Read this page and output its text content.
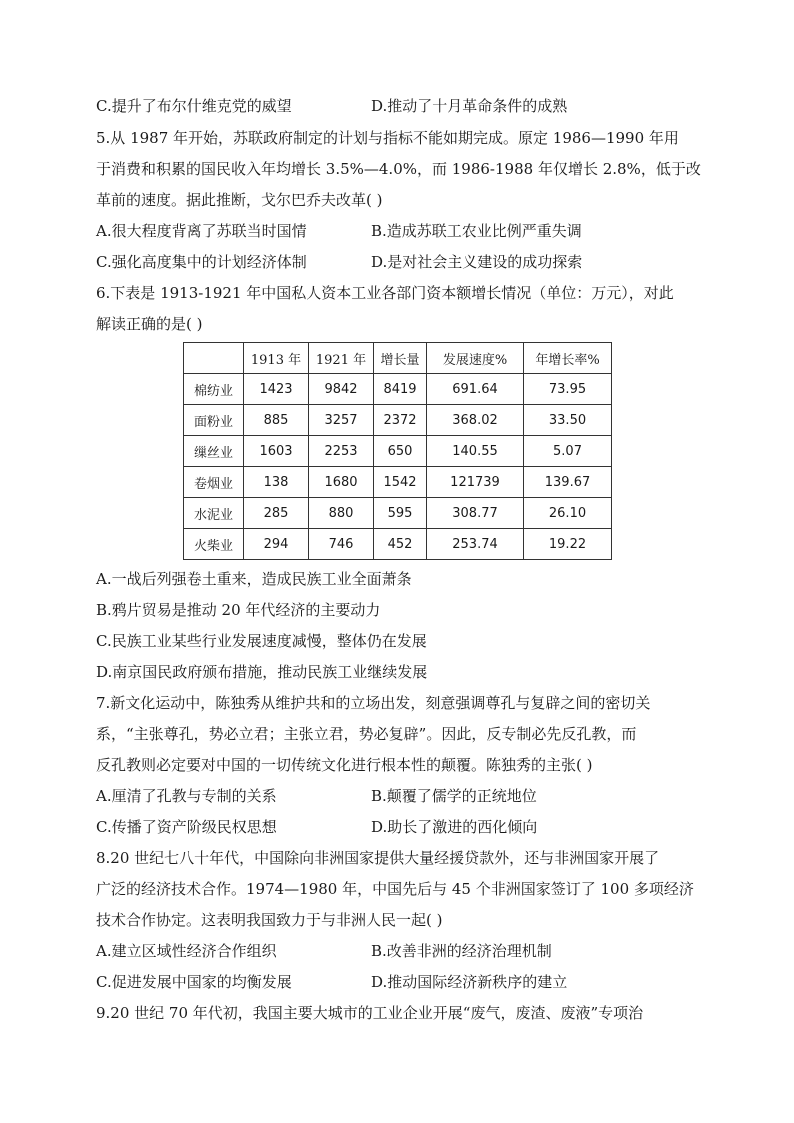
C.提升了布尔什维克党的威望	D.推动了十月革命条件的成熟
5.从 1987 年开始，苏联政府制定的计划与指标不能如期完成。原定 1986—1990 年用
于消费和积累的国民收入年均增长 3.5%—4.0%，而 1986-1988 年仅增长 2.8%，低于改
革前的速度。据此推断，戈尔巴乔夫改革( )
A.很大程度背离了苏联当时国情	B.造成苏联工农业比例严重失调
C.强化高度集中的计划经济体制	D.是对社会主义建设的成功探索
6.下表是 1913-1921 年中国私人资本工业各部门资本额增长情况（单位：万元），对此
解读正确的是( )
	1913 年	1921 年	增长量	发展速度%	年增长率%
棉纺业	1423	9842	8419	691.64	73.95
面粉业	885	3257	2372	368.02	33.50
缫丝业	1603	2253	650	140.55	5.07
卷烟业	138	1680	1542	121739	139.67
水泥业	285	880	595	308.77	26.10
火柴业	294	746	452	253.74	19.22
A.一战后列强卷土重来，造成民族工业全面萧条
B.鸦片贸易是推动 20 年代经济的主要动力
C.民族工业某些行业发展速度减慢，整体仍在发展
D.南京国民政府颁布措施，推动民族工业继续发展
7.新文化运动中，陈独秀从维护共和的立场出发，刻意强调尊孔与复辟之间的密切关
系，“主张尊孔，势必立君；主张立君，势必复辟”。因此，反专制必先反孔教，而
反孔教则必定要对中国的一切传统文化进行根本性的颠覆。陈独秀的主张( )
A.厘清了孔教与专制的关系	B.颠覆了儒学的正统地位
C.传播了资产阶级民权思想	D.助长了激进的西化倾向
8.20 世纪七八十年代，中国除向非洲国家提供大量经援贷款外，还与非洲国家开展了
广泛的经济技术合作。1974—1980 年，中国先后与 45 个非洲国家签订了 100 多项经济
技术合作协定。这表明我国致力于与非洲人民一起( )
A.建立区域性经济合作组织	B.改善非洲的经济治理机制
C.促进发展中国家的均衡发展	D.推动国际经济新秩序的建立
9.20 世纪 70 年代初，我国主要大城市的工业企业开展“废气，废渣、废液”专项治
